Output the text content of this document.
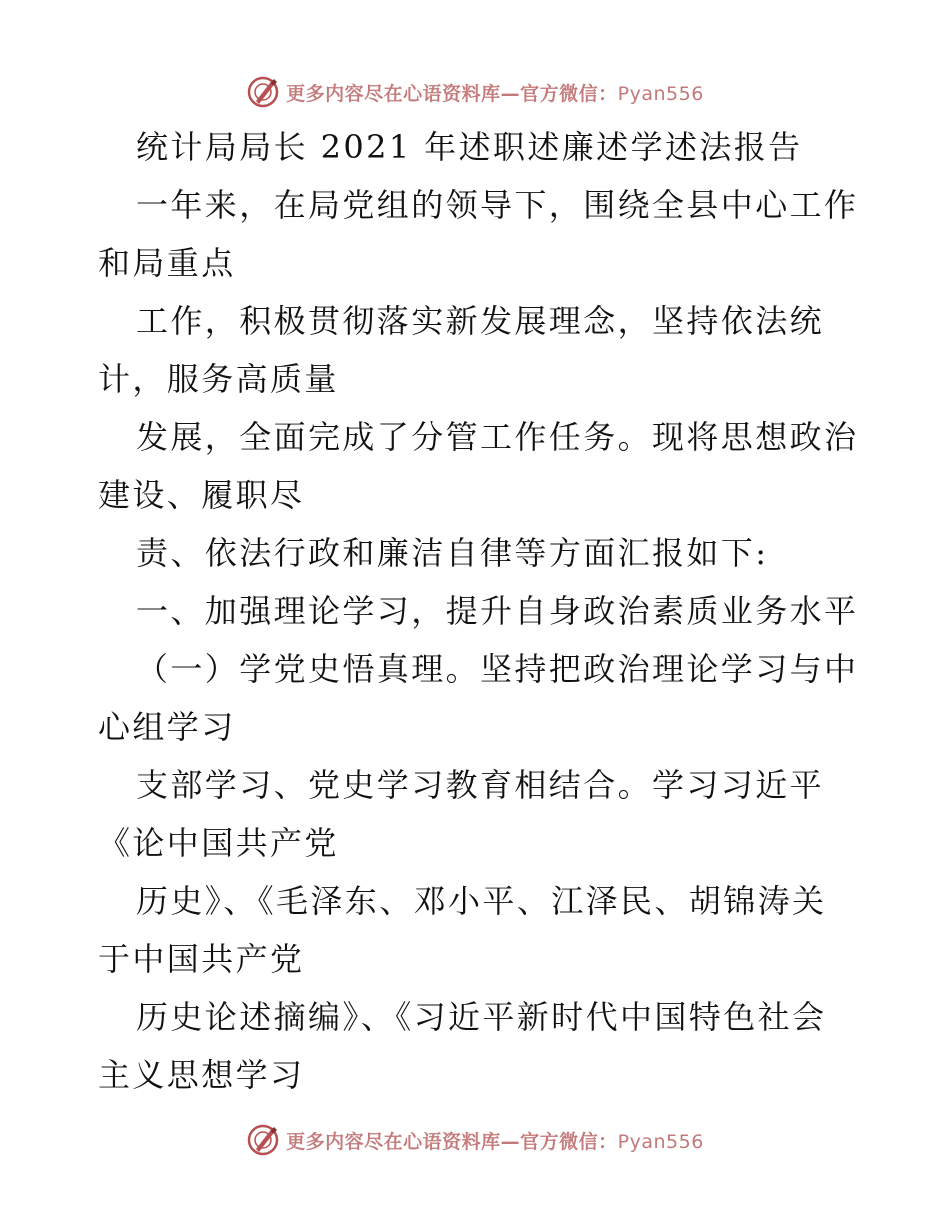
更多内容尽在心语资料库—官方微信：Pyan556
统计局局长 2021 年述职述廉述学述法报告
一年来，在局党组的领导下，围绕全县中心工作
和局重点
工作，积极贯彻落实新发展理念，坚持依法统
计，服务高质量
发展，全面完成了分管工作任务。现将思想政治
建设、履职尽
责、依法行政和廉洁自律等方面汇报如下:
一、加强理论学习，提升自身政治素质业务水平
（一）学党史悟真理。坚持把政治理论学习与中
心组学习
支部学习、党史学习教育相结合。学习习近平
《论中国共产党
历史》、《毛泽东、邓小平、江泽民、胡锦涛关
于中国共产党
历史论述摘编》、《习近平新时代中国特色社会
主义思想学习
更多内容尽在心语资料库—官方微信：Pyan556
